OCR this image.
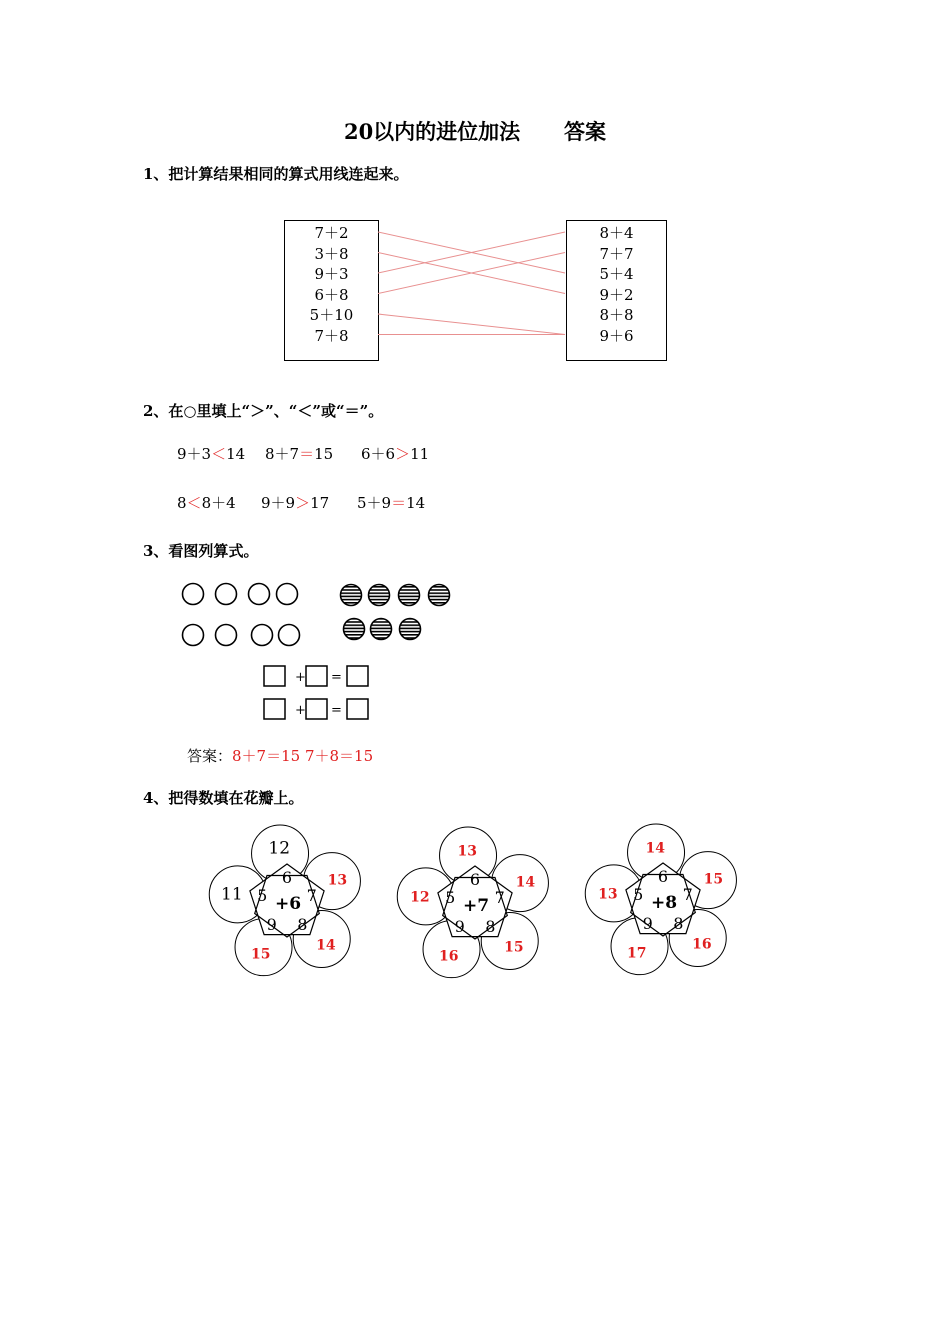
20以内的进位加法      答案
1、把计算结果相同的算式用线连起来。
7＋2
3＋8
9＋3
6＋8
5＋10
7＋8
8＋4
7＋7
5＋4
9＋2
8＋8
9＋6
2、在○里填上“＞”、“＜”或“＝”。
9＋3＜14 8＋7＝15 6＋6＞11
8＜8＋4 9＋9＞17 5＋9＝14
3、看图列算式。
+ =
+ =
答案：8＋7＝15 7＋8＝15
4、把得数填在花瓣上。
+6
6
7
8
9
5
12
13
14
15
11
+7
6
7
8
9
5
13
14
15
16
12	+8
6
7
8
9
5
14
15
16
17
13
